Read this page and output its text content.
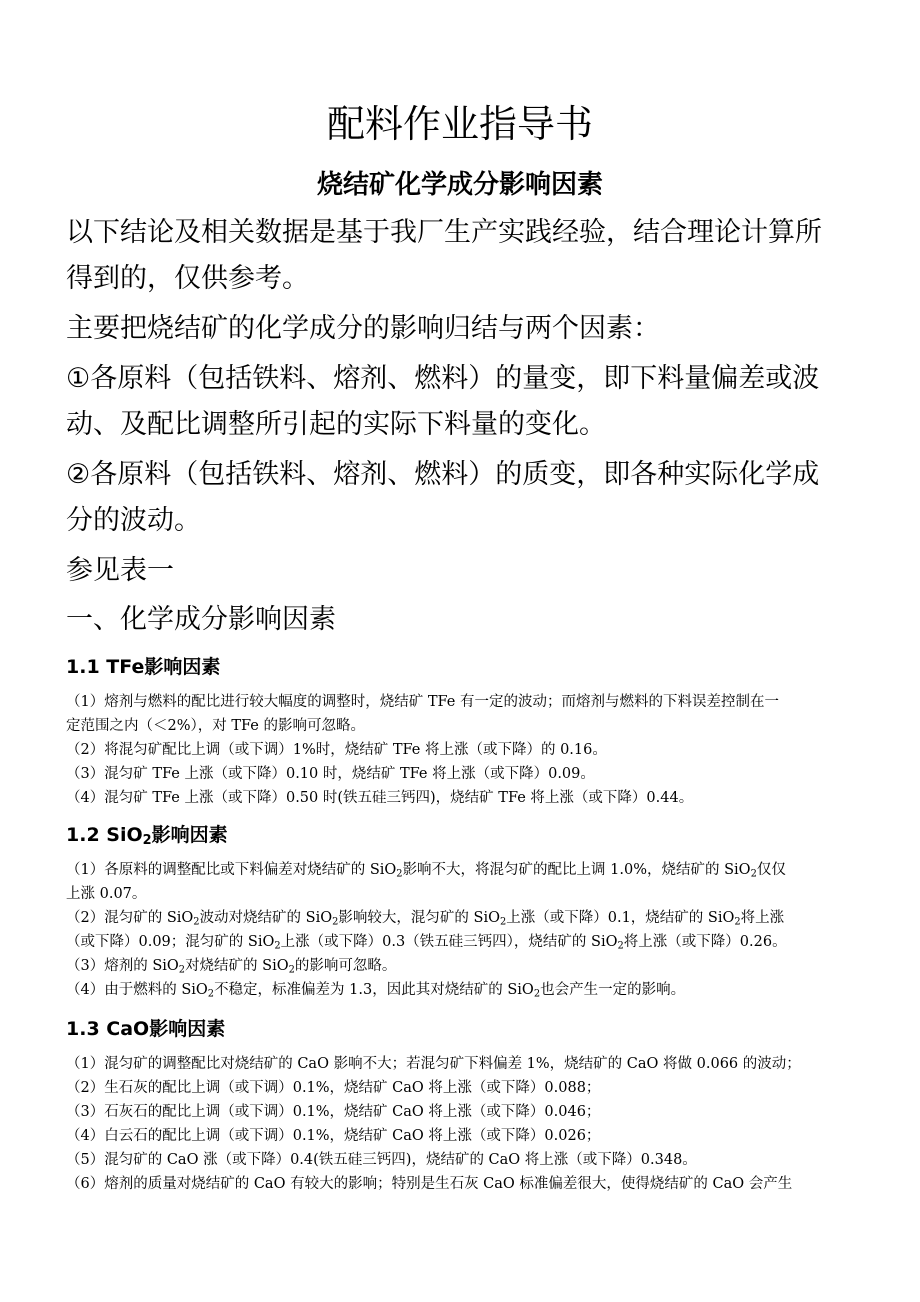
配料作业指导书
烧结矿化学成分影响因素
以下结论及相关数据是基于我厂生产实践经验，结合理论计算所
得到的，仅供参考。
主要把烧结矿的化学成分的影响归结与两个因素：
①各原料（包括铁料、熔剂、燃料）的量变，即下料量偏差或波
动、及配比调整所引起的实际下料量的变化。
②各原料（包括铁料、熔剂、燃料）的质变，即各种实际化学成
分的波动。
参见表一
一、化学成分影响因素
1.1 TFe影响因素
（1）熔剂与燃料的配比进行较大幅度的调整时，烧结矿 TFe 有一定的波动；而熔剂与燃料的下料误差控制在一
定范围之内（＜2%），对 TFe 的影响可忽略。
（2）将混匀矿配比上调（或下调）1%时，烧结矿 TFe 将上涨（或下降）的 0.16。
（3）混匀矿 TFe 上涨（或下降）0.10 时，烧结矿 TFe 将上涨（或下降）0.09。
（4）混匀矿 TFe 上涨（或下降）0.50 时(铁五硅三钙四)，烧结矿 TFe 将上涨（或下降）0.44。
1.2 SiO$_2$影响因素
（1）各原料的调整配比或下料偏差对烧结矿的 SiO$_2$影响不大，将混匀矿的配比上调 1.0%，烧结矿的 SiO$_2$仅仅
上涨 0.07。
（2）混匀矿的 SiO$_2$波动对烧结矿的 SiO$_2$影响较大，混匀矿的 SiO$_2$上涨（或下降）0.1，烧结矿的 SiO$_2$将上涨
（或下降）0.09；混匀矿的 SiO$_2$上涨（或下降）0.3（铁五硅三钙四），烧结矿的 SiO$_2$将上涨（或下降）0.26。
（3）熔剂的 SiO$_2$对烧结矿的 SiO$_2$的影响可忽略。
（4）由于燃料的 SiO$_2$不稳定，标准偏差为 1.3，因此其对烧结矿的 SiO$_2$也会产生一定的影响。
1.3 CaO影响因素
（1）混匀矿的调整配比对烧结矿的 CaO 影响不大；若混匀矿下料偏差 1%，烧结矿的 CaO 将做 0.066 的波动；
（2）生石灰的配比上调（或下调）0.1%，烧结矿 CaO 将上涨（或下降）0.088；
（3）石灰石的配比上调（或下调）0.1%，烧结矿 CaO 将上涨（或下降）0.046；
（4）白云石的配比上调（或下调）0.1%，烧结矿 CaO 将上涨（或下降）0.026；
（5）混匀矿的 CaO 涨（或下降）0.4(铁五硅三钙四)，烧结矿的 CaO 将上涨（或下降）0.348。
（6）熔剂的质量对烧结矿的 CaO 有较大的影响；特别是生石灰 CaO 标准偏差很大，使得烧结矿的 CaO 会产生
